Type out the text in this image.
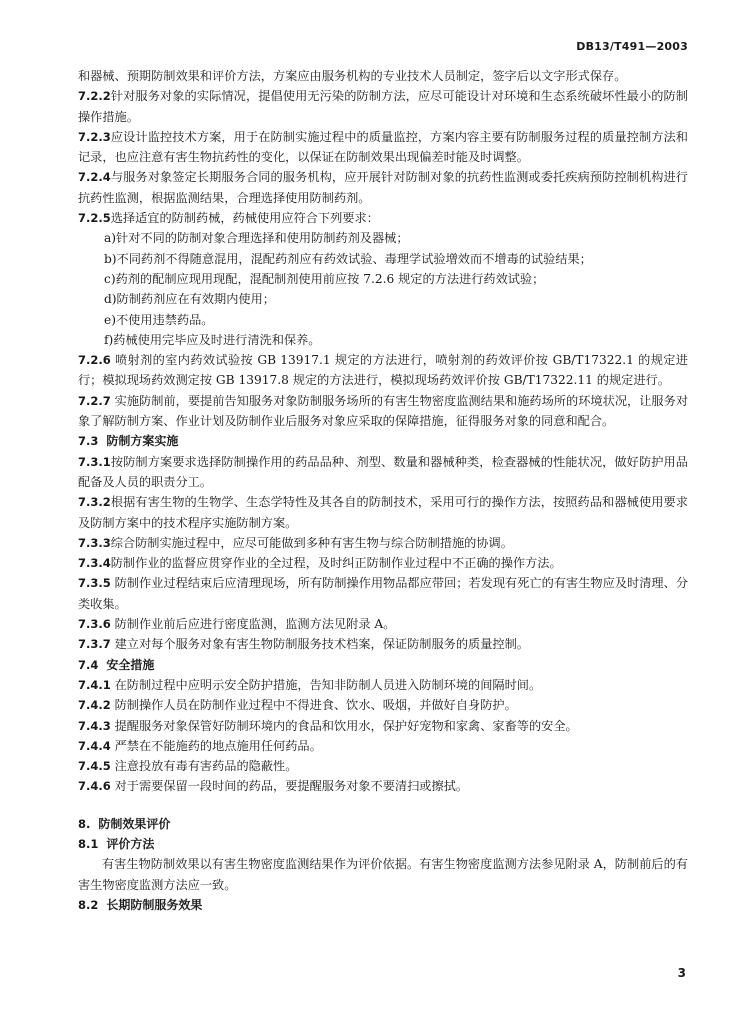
DB13/T491—2003

和器械、预期防制效果和评价方法，方案应由服务机构的专业技术人员制定，签字后以文字形式保存。

7.2.2针对服务对象的实际情况，提倡使用无污染的防制方法，应尽可能设计对环境和生态系统破坏性最小的防制操作措施。

7.2.3应设计监控技术方案，用于在防制实施过程中的质量监控，方案内容主要有防制服务过程的质量控制方法和记录，也应注意有害生物抗药性的变化，以保证在防制效果出现偏差时能及时调整。

7.2.4与服务对象签定长期服务合同的服务机构，应开展针对防制对象的抗药性监测或委托疾病预防控制机构进行抗药性监测，根据监测结果，合理选择使用防制药剂。

7.2.5选择适宜的防制药械，药械使用应符合下列要求：

a)针对不同的防制对象合理选择和使用防制药剂及器械；

b)不同药剂不得随意混用，混配药剂应有药效试验、毒理学试验增效而不增毒的试验结果；

c)药剂的配制应现用现配，混配制剂使用前应按 7.2.6 规定的方法进行药效试验；

d)防制药剂应在有效期内使用；

e)不使用违禁药品。

f)药械使用完毕应及时进行清洗和保养。

7.2.6 喷射剂的室内药效试验按 GB 13917.1 规定的方法进行，喷射剂的药效评价按 GB/T17322.1 的规定进行；模拟现场药效测定按 GB 13917.8 规定的方法进行，模拟现场药效评价按 GB/T17322.11 的规定进行。

7.2.7 实施防制前，要提前告知服务对象防制服务场所的有害生物密度监测结果和施药场所的环境状况，让服务对象了解防制方案、作业计划及防制作业后服务对象应采取的保障措施，征得服务对象的同意和配合。

7.3 防制方案实施

7.3.1按防制方案要求选择防制操作用的药品品种、剂型、数量和器械种类，检查器械的性能状况，做好防护用品配备及人员的职责分工。

7.3.2根据有害生物的生物学、生态学特性及其各自的防制技术，采用可行的操作方法，按照药品和器械使用要求及防制方案中的技术程序实施防制方案。

7.3.3综合防制实施过程中，应尽可能做到多种有害生物与综合防制措施的协调。

7.3.4防制作业的监督应贯穿作业的全过程，及时纠正防制作业过程中不正确的操作方法。

7.3.5 防制作业过程结束后应清理现场，所有防制操作用物品都应带回；若发现有死亡的有害生物应及时清理、分类收集。

7.3.6 防制作业前后应进行密度监测，监测方法见附录 A。

7.3.7 建立对每个服务对象有害生物防制服务技术档案，保证防制服务的质量控制。

7.4 安全措施

7.4.1 在防制过程中应明示安全防护措施，告知非防制人员进入防制环境的间隔时间。

7.4.2 防制操作人员在防制作业过程中不得进食、饮水、吸烟，并做好自身防护。

7.4.3 提醒服务对象保管好防制环境内的食品和饮用水，保护好宠物和家禽、家畜等的安全。

7.4.4 严禁在不能施药的地点施用任何药品。

7.4.5 注意投放有毒有害药品的隐蔽性。

7.4.6 对于需要保留一段时间的药品，要提醒服务对象不要清扫或擦拭。

8. 防制效果评价

8.1 评价方法

有害生物防制效果以有害生物密度监测结果作为评价依据。有害生物密度监测方法参见附录 A，防制前后的有害生物密度监测方法应一致。

8.2 长期防制服务效果

3
